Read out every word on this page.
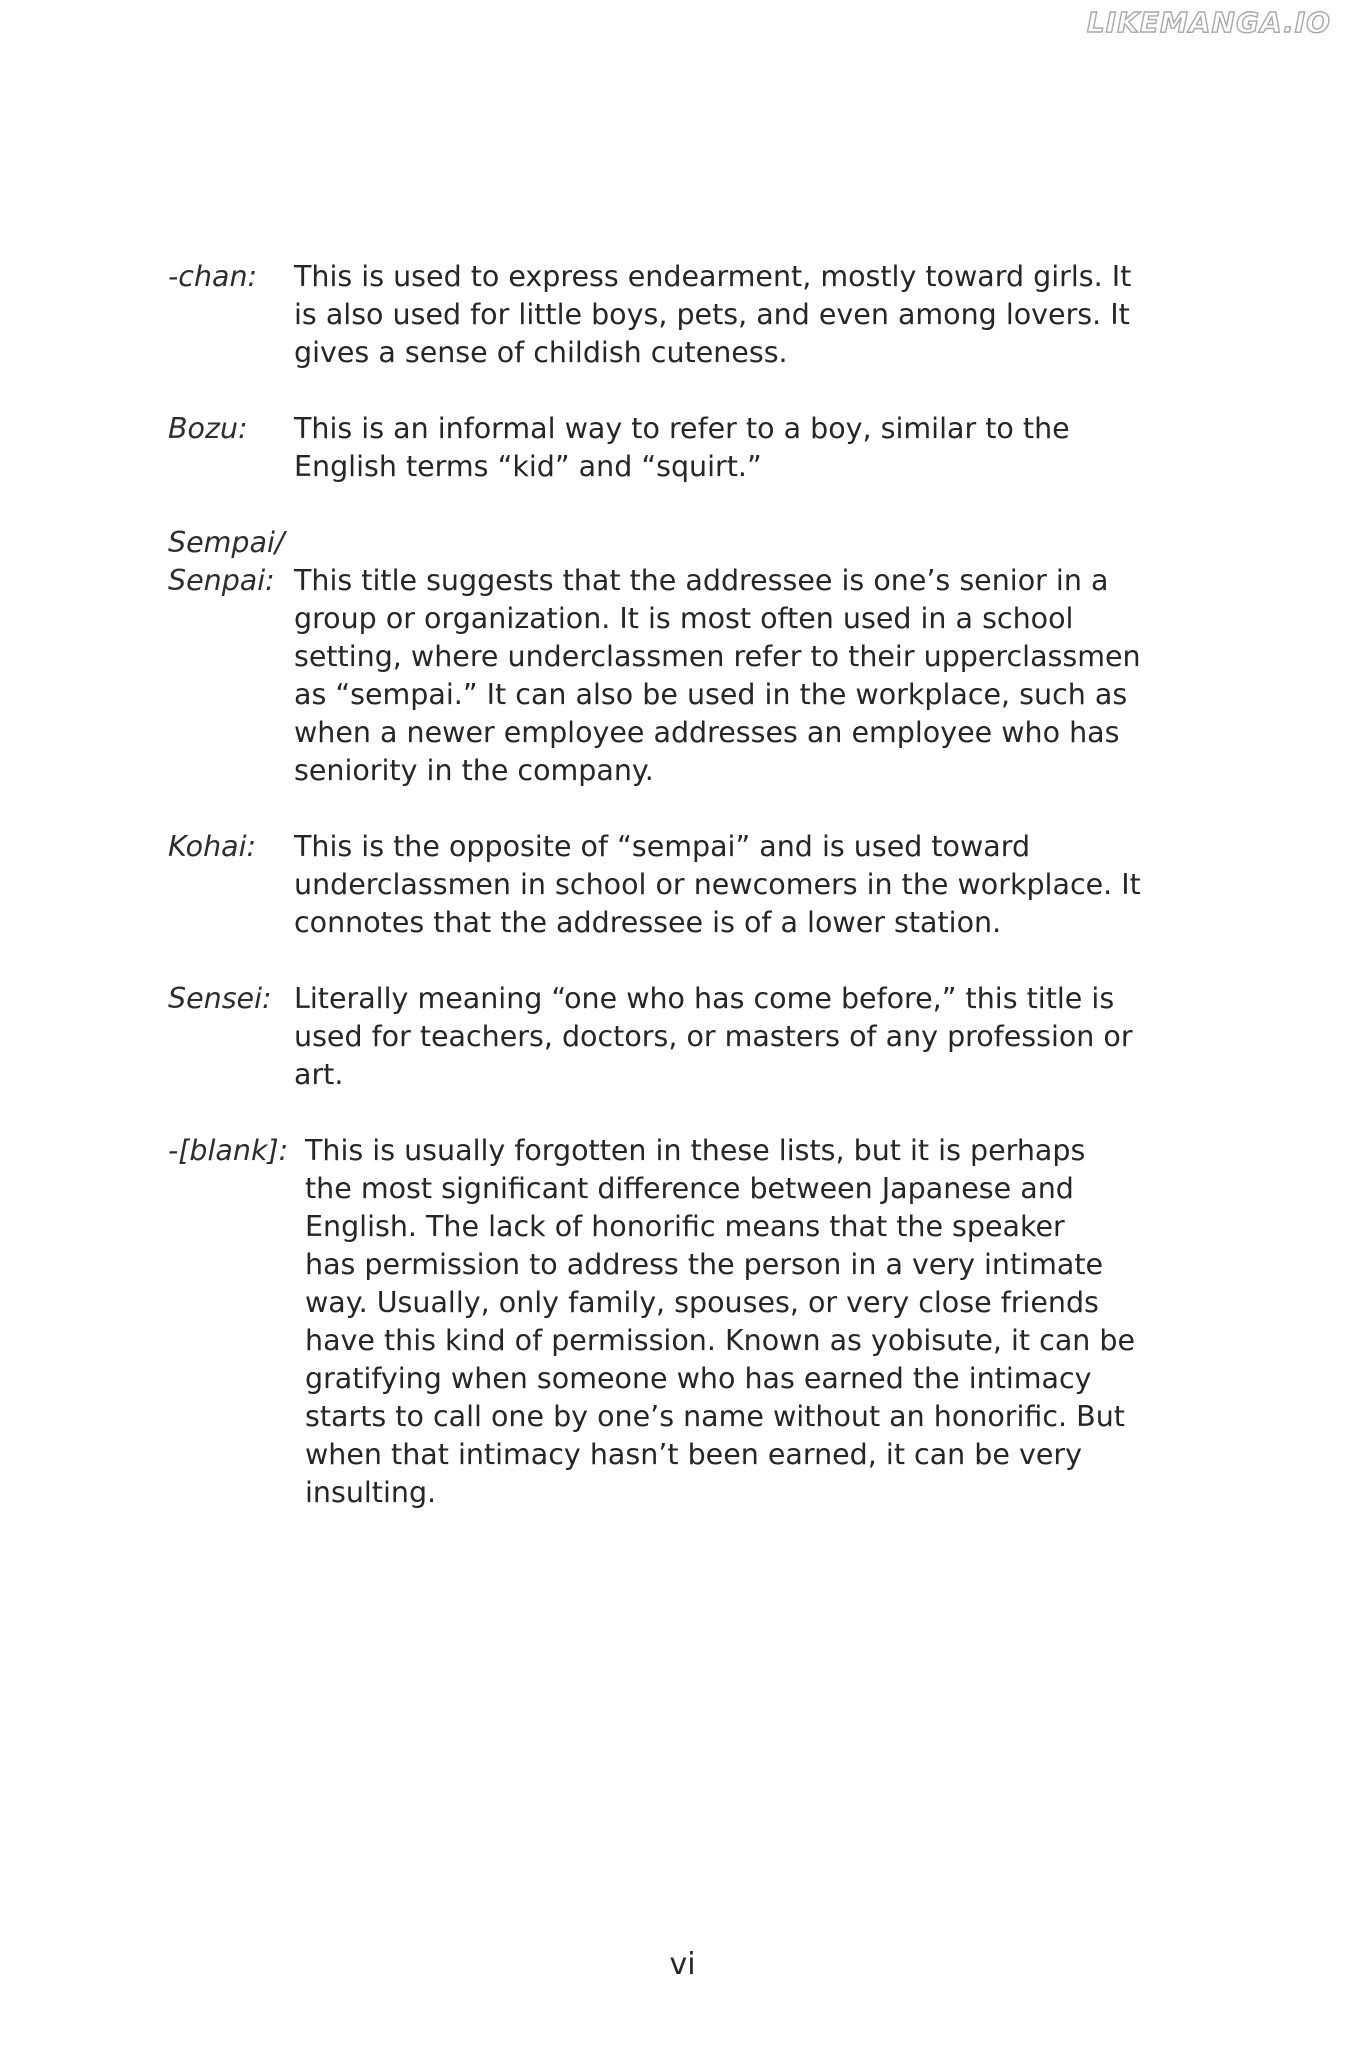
LIKEMANGA.IO
-chan:	This is used to express endearment, mostly toward girls. It
is also used for little boys, pets, and even among lovers. It
gives a sense of childish cuteness.
Bozu:	This is an informal way to refer to a boy, similar to the
English terms “kid” and “squirt.”
Sempai/
Senpai:
This title suggests that the addressee is one’s senior in a
group or organization. It is most often used in a school
setting, where underclassmen refer to their upperclassmen
as “sempai.” It can also be used in the workplace, such as
when a newer employee addresses an employee who has
seniority in the company.
Kohai:	This is the opposite of “sempai” and is used toward
underclassmen in school or newcomers in the workplace. It
connotes that the addressee is of a lower station.
Sensei: Literally meaning “one who has come before,” this title is
used for teachers, doctors, or masters of any profession or
art.
-[blank]: This is usually forgotten in these lists, but it is perhaps
the most significant difference between Japanese and
English. The lack of honorific means that the speaker
has permission to address the person in a very intimate
way. Usually, only family, spouses, or very close friends
have this kind of permission. Known as yobisute, it can be
gratifying when someone who has earned the intimacy
starts to call one by one’s name without an honorific. But
when that intimacy hasn’t been earned, it can be very
insulting.
vi
